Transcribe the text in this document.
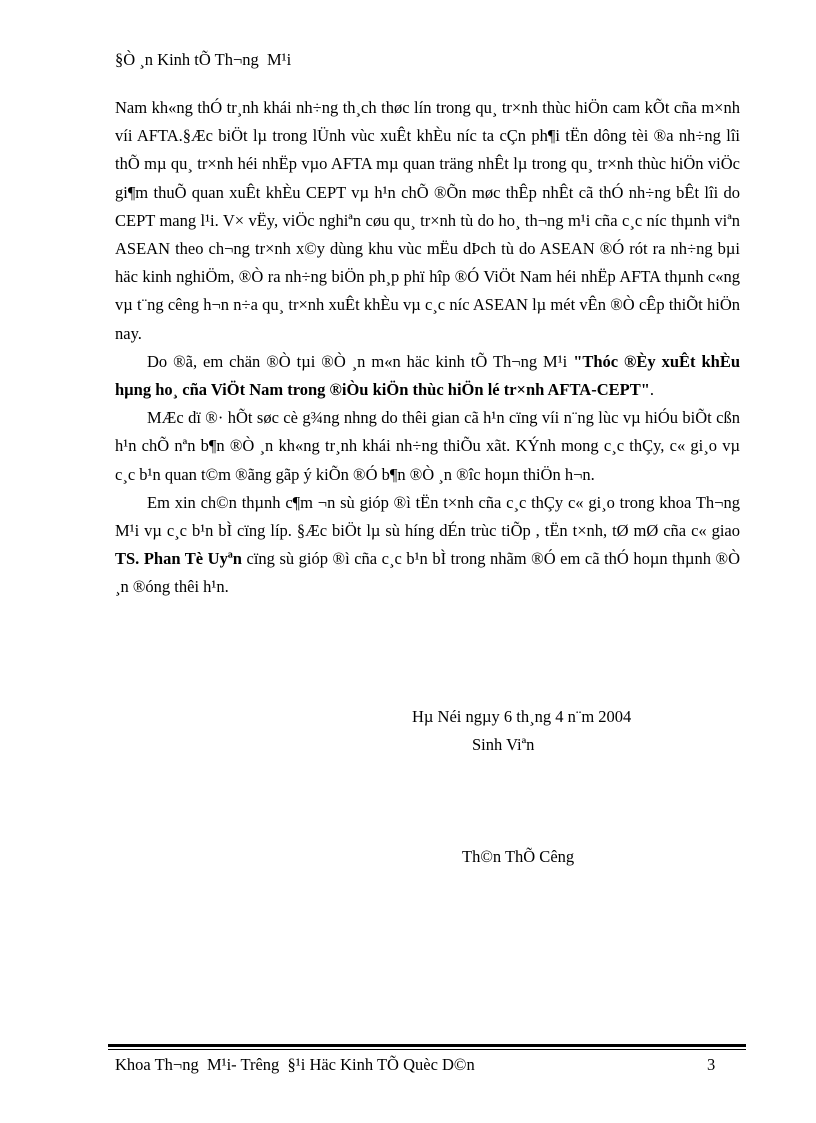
§Ò ¸n Kinh tÕ Th¬ng  M¹i

Nam kh«ng thÓ tr¸nh khái nh÷ng th¸ch thøc lín trong qu¸ tr×nh thùc hiÖn cam kÕt cña m×nh víi AFTA.§Æc biÖt lµ trong lÜnh vùc xuÊt khÈu níc ta cÇn ph¶i tËn dông tèi ®a nh÷ng lîi thÕ mµ qu¸ tr×nh héi nhËp vµo AFTA mµ quan träng nhÊt lµ trong qu¸ tr×nh thùc hiÖn viÖc gi¶m thuÕ quan xuÊt khÈu CEPT vµ h¹n chÕ ®Õn møc thÊp nhÊt cã thÓ nh÷ng bÊt lîi do CEPT mang l¹i. V× vËy, viÖc nghiªn cøu qu¸ tr×nh tù do ho¸ th¬ng m¹i cña c¸c níc thµnh viªn ASEAN theo ch¬ng tr×nh x©y dùng khu vùc mËu dÞch tù do ASEAN ®Ó rót ra nh÷ng bµi häc kinh nghiÖm, ®Ò ra nh÷ng biÖn ph¸p phï hîp ®Ó ViÖt Nam héi nhËp AFTA thµnh c«ng vµ t¨ng cêng h¬n n÷a qu¸ tr×nh xuÊt khÈu vµ c¸c níc ASEAN lµ mét vÊn ®Ò cÊp thiÕt hiÖn nay.

Do ®ã, em chän ®Ò tµi ®Ò ¸n m«n häc kinh tÕ Th¬ng M¹i "Thóc ®Èy xuÊt khÈu hµng ho¸ cña ViÖt Nam trong ®iÒu kiÖn thùc hiÖn lé tr×nh AFTA-CEPT".

MÆc dï ®· hÕt søc cè g¾ng nhng do thêi gian cã h¹n cïng víi n¨ng lùc vµ hiÓu biÕt cßn h¹n chÕ nªn b¶n ®Ò ¸n kh«ng tr¸nh khái nh÷ng thiÕu xãt. KÝnh mong c¸c thÇy, c« gi¸o vµ c¸c b¹n quan t©m ®ãng gãp ý kiÕn ®Ó b¶n ®Ò ¸n ®îc hoµn thiÖn h¬n.

Em xin ch©n thµnh c¶m ¬n sù gióp ®ì tËn t×nh cña c¸c thÇy c« gi¸o trong khoa Th¬ng M¹i vµ c¸c b¹n bÌ cïng líp. §Æc biÖt lµ sù híng dÉn trùc tiÕp , tËn t×nh, tØ mØ cña c« giao TS. Phan Tè Uyªn cïng sù gióp ®ì cña c¸c b¹n bÌ trong nhãm ®Ó em cã thÓ hoµn thµnh ®Ò ¸n ®óng thêi h¹n.

Hµ Néi ngµy 6 th¸ng 4 n¨m 2004
Sinh Viªn
Th©n ThÕ Cêng
Khoa Th¬ng  M¹i- Trêng  §¹i Häc Kinh TÕ Quèc D©n	3
